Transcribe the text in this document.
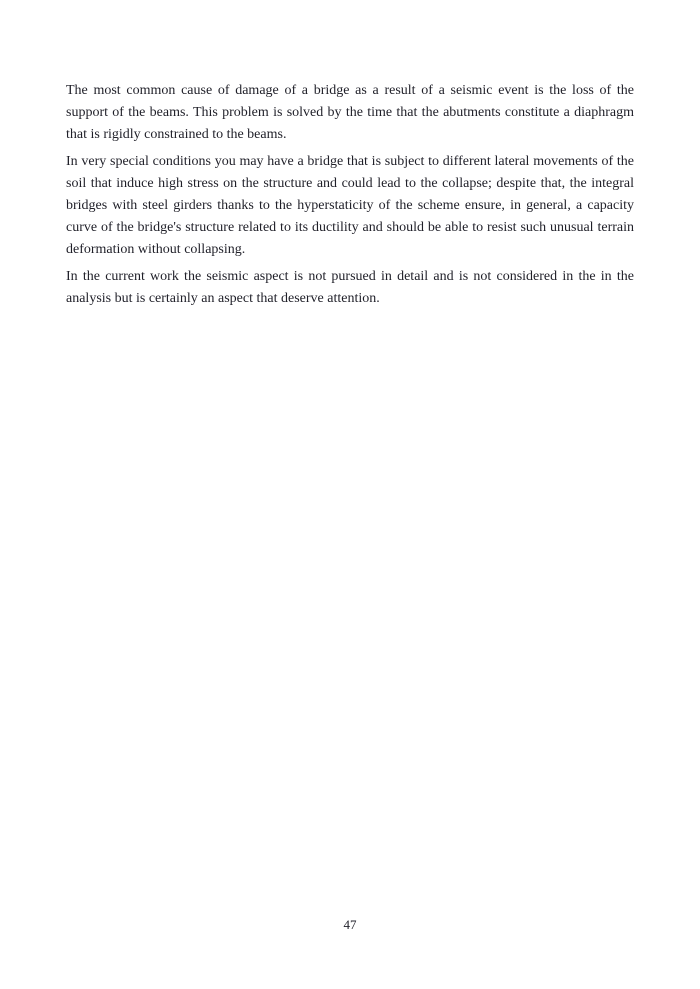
The most common cause of damage of a bridge as a result of a seismic event is the loss of the support of the beams. This problem is solved by the time that the abutments constitute a diaphragm that is rigidly constrained to the beams.

In very special conditions you may have a bridge that is subject to different lateral movements of the soil that induce high stress on the structure and could lead to the collapse; despite that, the integral bridges with steel girders thanks to the hyperstaticity of the scheme ensure, in general, a capacity curve of the bridge's structure related to its ductility and should be able to resist such unusual terrain deformation without collapsing.

In the current work the seismic aspect is not pursued in detail and is not considered in the in the analysis but is certainly an aspect that deserve attention.

47
